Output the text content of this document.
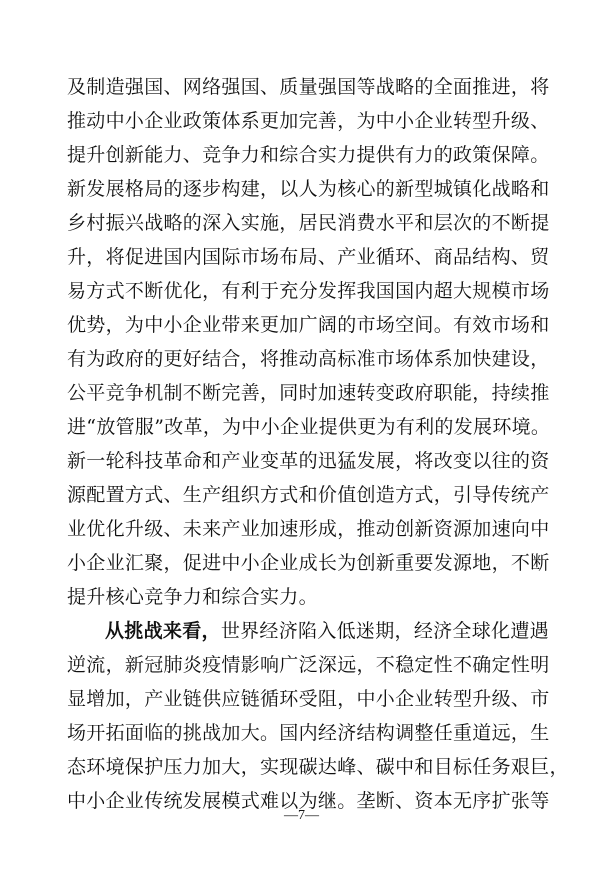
及制造强国、网络强国、质量强国等战略的全面推进，将
推动中小企业政策体系更加完善，为中小企业转型升级、
提升创新能力、竞争力和综合实力提供有力的政策保障。
新发展格局的逐步构建，以人为核心的新型城镇化战略和
乡村振兴战略的深入实施，居民消费水平和层次的不断提
升，将促进国内国际市场布局、产业循环、商品结构、贸
易方式不断优化，有利于充分发挥我国国内超大规模市场
优势，为中小企业带来更加广阔的市场空间。有效市场和
有为政府的更好结合，将推动高标准市场体系加快建设，
公平竞争机制不断完善，同时加速转变政府职能，持续推
进“放管服”改革，为中小企业提供更为有利的发展环境。
新一轮科技革命和产业变革的迅猛发展，将改变以往的资
源配置方式、生产组织方式和价值创造方式，引导传统产
业优化升级、未来产业加速形成，推动创新资源加速向中
小企业汇聚，促进中小企业成长为创新重要发源地，不断
提升核心竞争力和综合实力。
从挑战来看，世界经济陷入低迷期，经济全球化遭遇
逆流，新冠肺炎疫情影响广泛深远，不稳定性不确定性明
显增加，产业链供应链循环受阻，中小企业转型升级、市
场开拓面临的挑战加大。国内经济结构调整任重道远，生
态环境保护压力加大，实现碳达峰、碳中和目标任务艰巨，
中小企业传统发展模式难以为继。垄断、资本无序扩张等
—7—
